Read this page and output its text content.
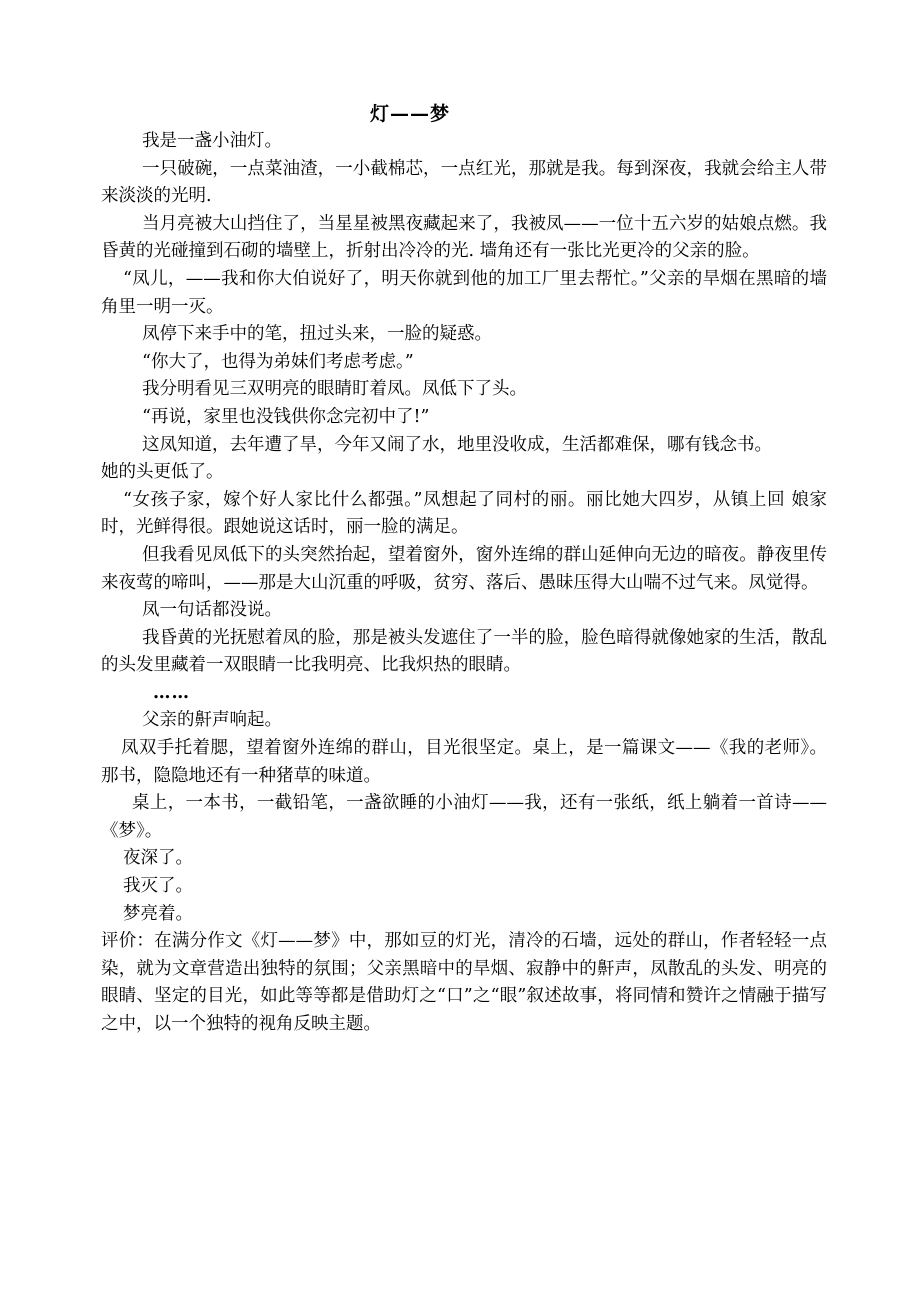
灯——梦

我是一盏小油灯。

一只破碗，一点菜油渣，一小截棉芯，一点红光，那就是我。每到深夜，我就会给主人带来淡淡的光明.

当月亮被大山挡住了，当星星被黑夜藏起来了，我被凤——一位十五六岁的姑娘点燃。我昏黄的光碰撞到石砌的墙壁上，折射出冷冷的光. 墙角还有一张比光更冷的父亲的脸。

“凤儿，——我和你大伯说好了，明天你就到他的加工厂里去帮忙。”父亲的旱烟在黑暗的墙角里一明一灭。

凤停下来手中的笔，扭过头来，一脸的疑惑。

“你大了，也得为弟妹们考虑考虑。”

我分明看见三双明亮的眼睛盯着凤。凤低下了头。

“再说，家里也没钱供你念完初中了!”

这凤知道，去年遭了旱，今年又闹了水，地里没收成，生活都难保，哪有钱念书。

她的头更低了。

“女孩子家，嫁个好人家比什么都强。”凤想起了同村的丽。丽比她大四岁，从镇上回 娘家时，光鲜得很。跟她说这话时，丽一脸的满足。

但我看见凤低下的头突然抬起，望着窗外，窗外连绵的群山延伸向无边的暗夜。静夜里传来夜莺的啼叫，——那是大山沉重的呼吸，贫穷、落后、愚昧压得大山喘不过气来。凤觉得。

凤一句话都没说。

我昏黄的光抚慰着凤的脸，那是被头发遮住了一半的脸，脸色暗得就像她家的生活，散乱的头发里藏着一双眼睛一比我明亮、比我炽热的眼睛。

……

父亲的鼾声响起。

凤双手托着腮，望着窗外连绵的群山，目光很坚定。桌上，是一篇课文——《我的老师》。那书，隐隐地还有一种猪草的味道。

桌上，一本书，一截铅笔，一盏欲睡的小油灯——我，还有一张纸，纸上躺着一首诗——《梦》。

夜深了。

我灭了。

梦亮着。

评价：在满分作文《灯——梦》中，那如豆的灯光，清冷的石墙，远处的群山，作者轻轻一点染，就为文章营造出独特的氛围；父亲黑暗中的旱烟、寂静中的鼾声，凤散乱的头发、明亮的眼睛、坚定的目光，如此等等都是借助灯之“口”之“眼”叙述故事，将同情和赞许之情融于描写之中，以一个独特的视角反映主题。
